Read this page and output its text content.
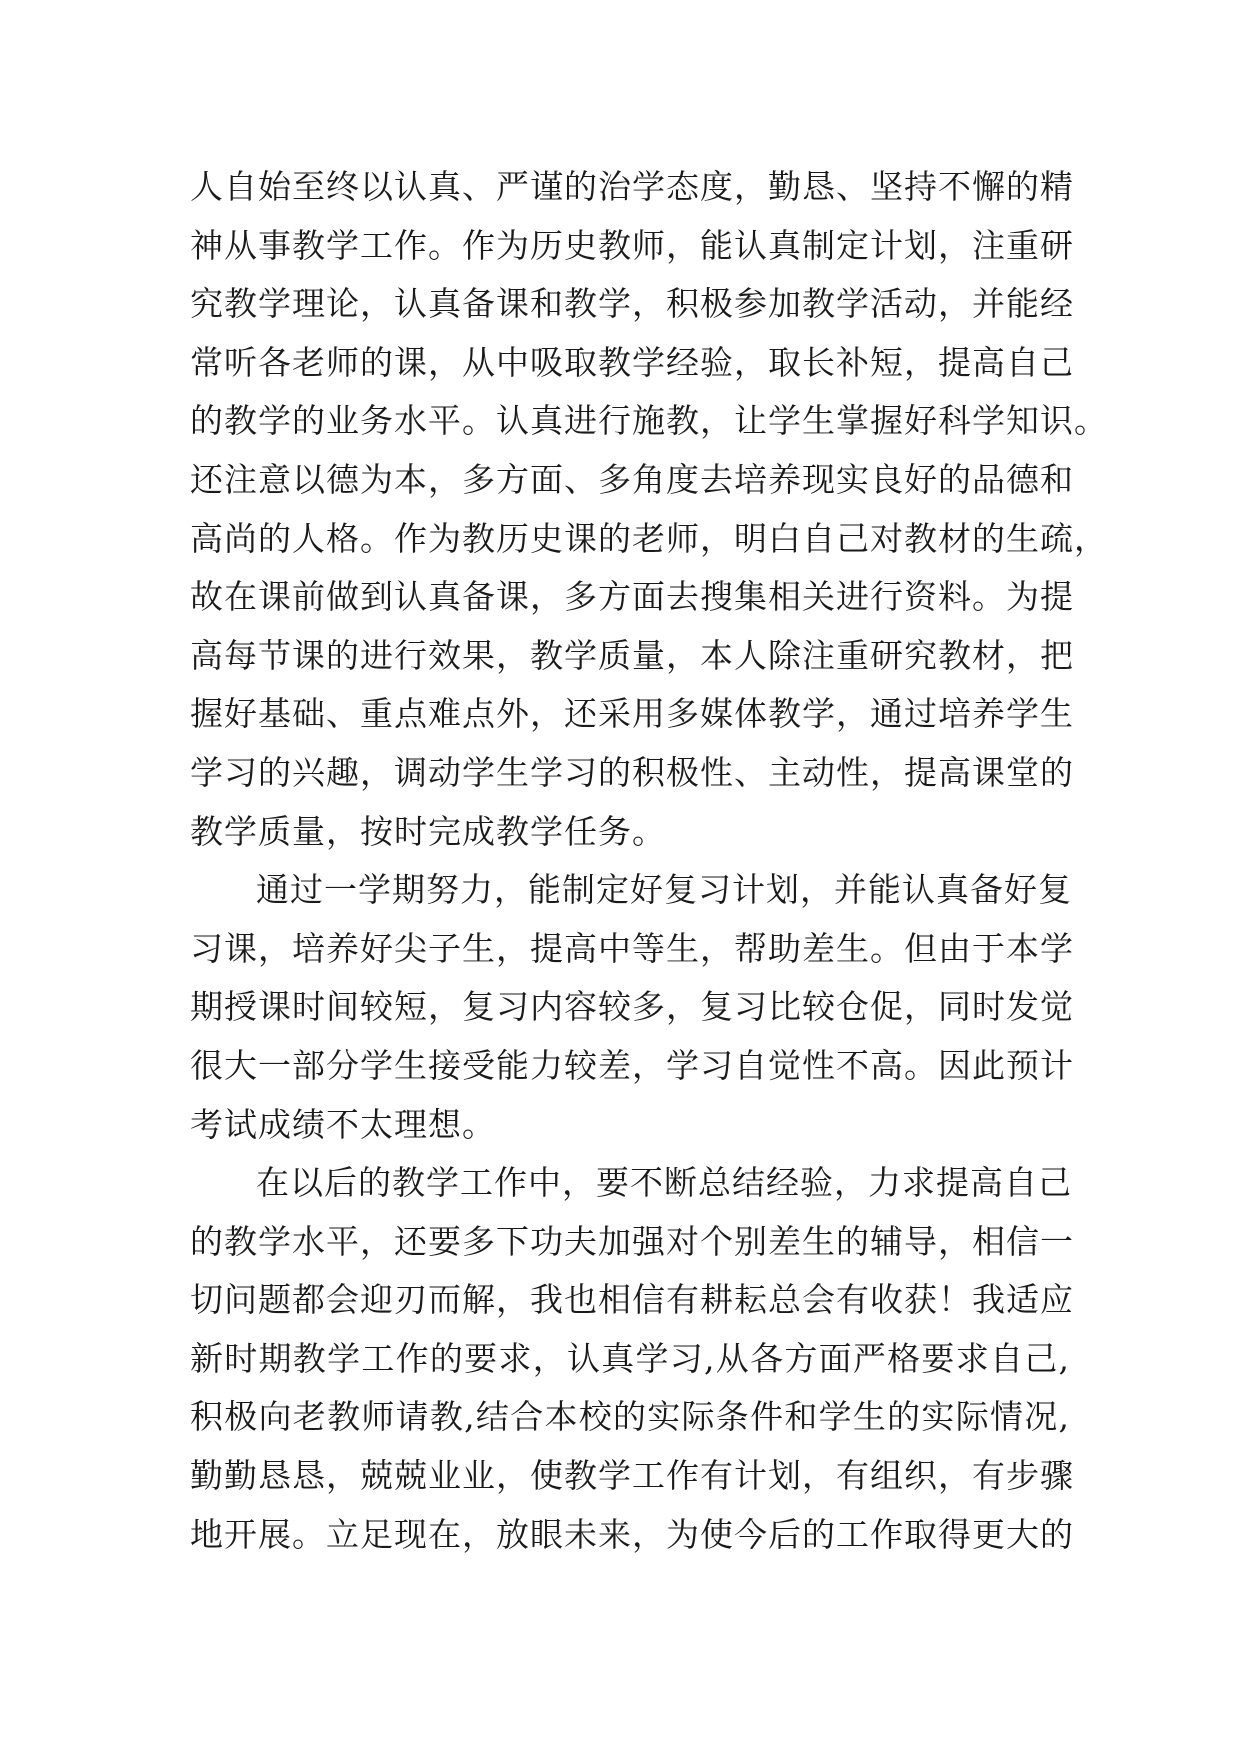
人自始至终以认真、严谨的治学态度，勤恳、坚持不懈的精
神从事教学工作。作为历史教师，能认真制定计划，注重研
究教学理论，认真备课和教学，积极参加教学活动，并能经
常听各老师的课，从中吸取教学经验，取长补短，提高自己
的教学的业务水平。认真进行施教，让学生掌握好科学知识。
还注意以德为本，多方面、多角度去培养现实良好的品德和
高尚的人格。作为教历史课的老师，明白自己对教材的生疏，
故在课前做到认真备课，多方面去搜集相关进行资料。为提
高每节课的进行效果，教学质量，本人除注重研究教材，把
握好基础、重点难点外，还采用多媒体教学，通过培养学生
学习的兴趣，调动学生学习的积极性、主动性，提高课堂的
教学质量，按时完成教学任务。
通过一学期努力，能制定好复习计划，并能认真备好复
习课，培养好尖子生，提高中等生，帮助差生。但由于本学
期授课时间较短，复习内容较多，复习比较仓促，同时发觉
很大一部分学生接受能力较差，学习自觉性不高。因此预计
考试成绩不太理想。
在以后的教学工作中，要不断总结经验，力求提高自己
的教学水平，还要多下功夫加强对个别差生的辅导，相信一
切问题都会迎刃而解，我也相信有耕耘总会有收获！我适应
新时期教学工作的要求，认真学习,从各方面严格要求自己,
积极向老教师请教,结合本校的实际条件和学生的实际情况,
勤勤恳恳，兢兢业业，使教学工作有计划，有组织，有步骤
地开展。立足现在，放眼未来，为使今后的工作取得更大的
